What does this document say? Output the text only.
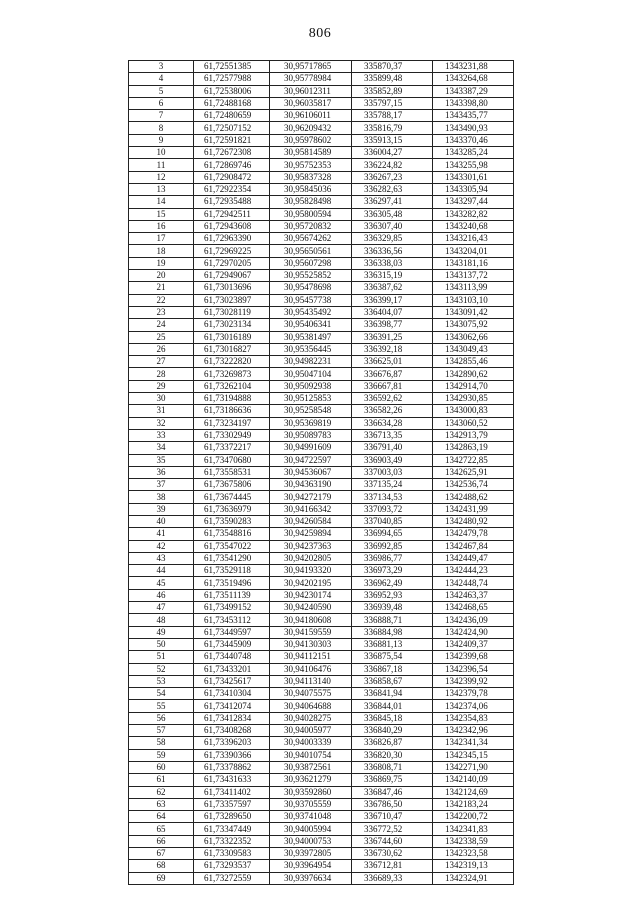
806
3	61,72551385	30,95717865	335870,37	1343231,88
4	61,72577988	30,95778984	335899,48	1343264,68
5	61,72538006	30,96012311	335852,89	1343387,29
6	61,72488168	30,96035817	335797,15	1343398,80
7	61,72480659	30,96106011	335788,17	1343435,77
8	61,72507152	30,96209432	335816,79	1343490,93
9	61,72591821	30,95978602	335913,15	1343370,46
10	61,72672308	30,95814589	336004,27	1343285,24
11	61,72869746	30,95752353	336224,82	1343255,98
12	61,72908472	30,95837328	336267,23	1343301,61
13	61,72922354	30,95845036	336282,63	1343305,94
14	61,72935488	30,95828498	336297,41	1343297,44
15	61,72942511	30,95800594	336305,48	1343282,82
16	61,72943608	30,95720832	336307,40	1343240,68
17	61,72963390	30,95674262	336329,85	1343216,43
18	61,72969225	30,95650561	336336,56	1343204,01
19	61,72970205	30,95607298	336338,03	1343181,16
20	61,72949067	30,95525852	336315,19	1343137,72
21	61,73013696	30,95478698	336387,62	1343113,99
22	61,73023897	30,95457738	336399,17	1343103,10
23	61,73028119	30,95435492	336404,07	1343091,42
24	61,73023134	30,95406341	336398,77	1343075,92
25	61,73016189	30,95381497	336391,25	1343062,66
26	61,73016827	30,95356445	336392,18	1343049,43
27	61,73222820	30,94982231	336625,01	1342855,46
28	61,73269873	30,95047104	336676,87	1342890,62
29	61,73262104	30,95092938	336667,81	1342914,70
30	61,73194888	30,95125853	336592,62	1342930,85
31	61,73186636	30,95258548	336582,26	1343000,83
32	61,73234197	30,95369819	336634,28	1343060,52
33	61,73302949	30,95089783	336713,35	1342913,79
34	61,73372217	30,94991609	336791,40	1342863,19
35	61,73470680	30,94722597	336903,49	1342722,85
36	61,73558531	30,94536067	337003,03	1342625,91
37	61,73675806	30,94363190	337135,24	1342536,74
38	61,73674445	30,94272179	337134,53	1342488,62
39	61,73636979	30,94166342	337093,72	1342431,99
40	61,73590283	30,94260584	337040,85	1342480,92
41	61,73548816	30,94259894	336994,65	1342479,78
42	61,73547022	30,94237363	336992,85	1342467,84
43	61,73541290	30,94202805	336986,77	1342449,47
44	61,73529118	30,94193320	336973,29	1342444,23
45	61,73519496	30,94202195	336962,49	1342448,74
46	61,73511139	30,94230174	336952,93	1342463,37
47	61,73499152	30,94240590	336939,48	1342468,65
48	61,73453112	30,94180608	336888,71	1342436,09
49	61,73449597	30,94159559	336884,98	1342424,90
50	61,73445909	30,94130303	336881,13	1342409,37
51	61,73440748	30,94112151	336875,54	1342399,68
52	61,73433201	30,94106476	336867,18	1342396,54
53	61,73425617	30,94113140	336858,67	1342399,92
54	61,73410304	30,94075575	336841,94	1342379,78
55	61,73412074	30,94064688	336844,01	1342374,06
56	61,73412834	30,94028275	336845,18	1342354,83
57	61,73408268	30,94005977	336840,29	1342342,96
58	61,73396203	30,94003339	336826,87	1342341,34
59	61,73390366	30,94010754	336820,30	1342345,15
60	61,73378862	30,93872561	336808,71	1342271,90
61	61,73431633	30,93621279	336869,75	1342140,09
62	61,73411402	30,93592860	336847,46	1342124,69
63	61,73357597	30,93705559	336786,50	1342183,24
64	61,73289650	30,93741048	336710,47	1342200,72
65	61,73347449	30,94005994	336772,52	1342341,83
66	61,73322352	30,94000753	336744,60	1342338,59
67	61,73309583	30,93972805	336730,62	1342323,58
68	61,73293537	30,93964954	336712,81	1342319,13
69	61,73272559	30,93976634	336689,33	1342324,91
